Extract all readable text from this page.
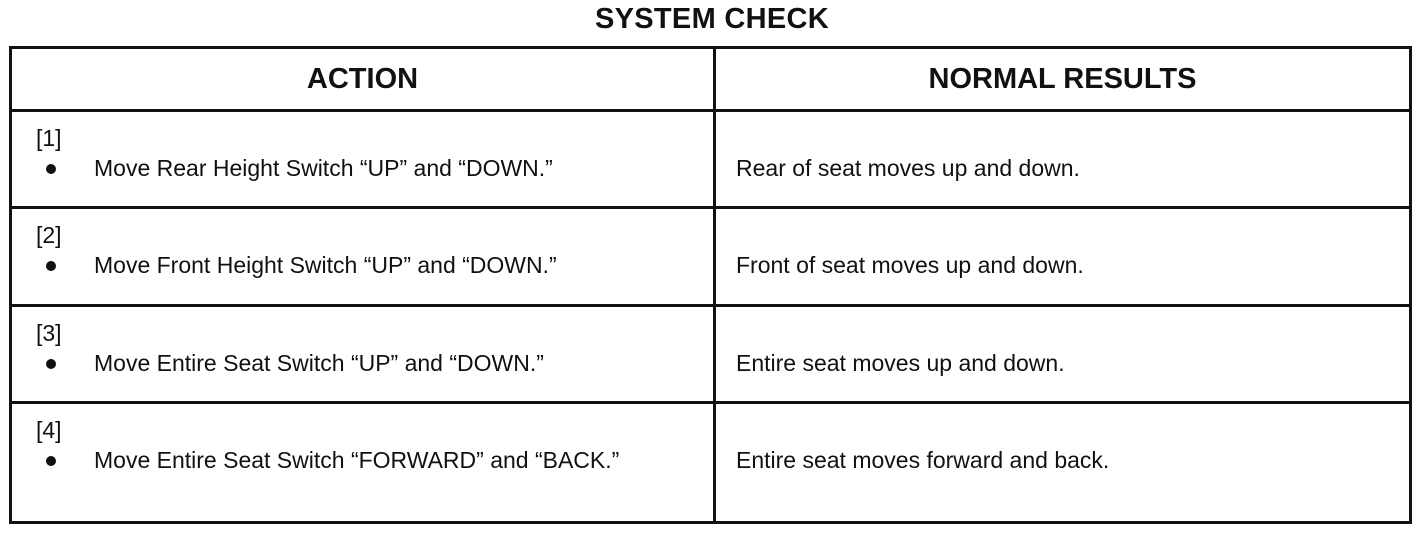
SYSTEM CHECK
ACTION	NORMAL RESULTS

[1]
Move Rear Height Switch “UP” and “DOWN.”	Rear of seat moves up and down.

[2]
Move Front Height Switch “UP” and “DOWN.”	Front of seat moves up and down.

[3]
Move Entire Seat Switch “UP” and “DOWN.”	Entire seat moves up and down.

[4]
Move Entire Seat Switch “FORWARD” and “BACK.”	Entire seat moves forward and back.
